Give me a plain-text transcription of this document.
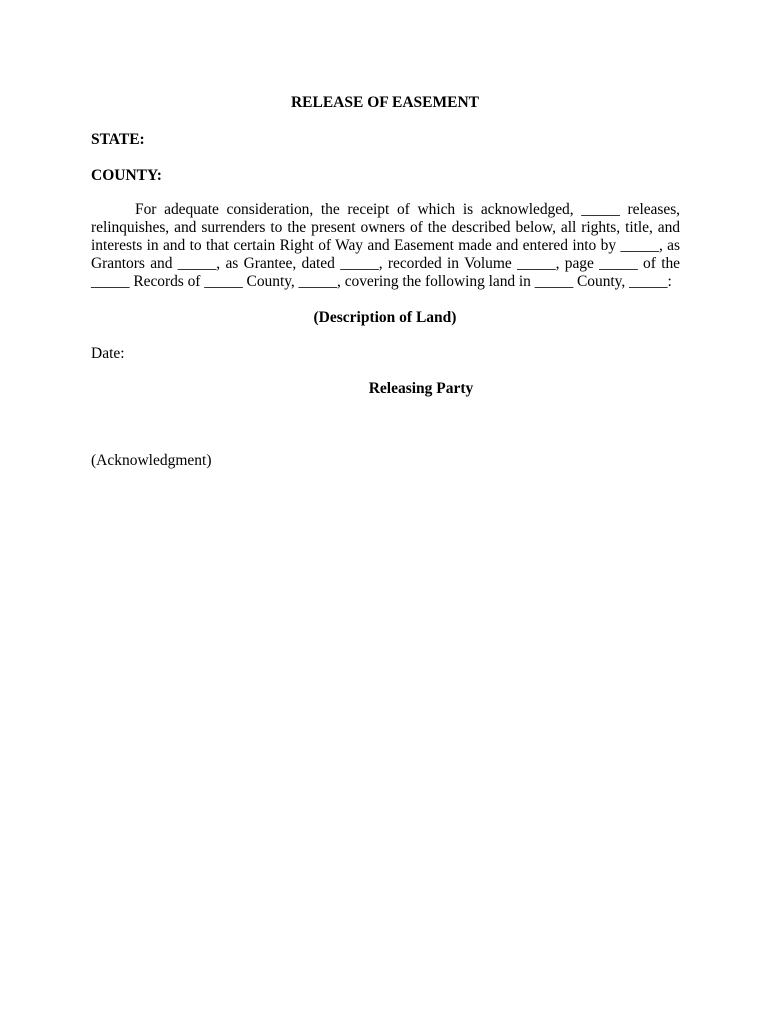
RELEASE OF EASEMENT
STATE:
COUNTY:
For adequate consideration, the receipt of which is acknowledged, _____ releases, relinquishes, and surrenders to the present owners of the described below, all rights, title, and interests in and to that certain Right of Way and Easement made and entered into by _____, as Grantors and _____, as Grantee, dated _____, recorded in Volume _____, page _____ of the _____ Records of _____ County, _____, covering the following land in _____ County, _____:
(Description of Land)
Date:
Releasing Party
(Acknowledgment)
